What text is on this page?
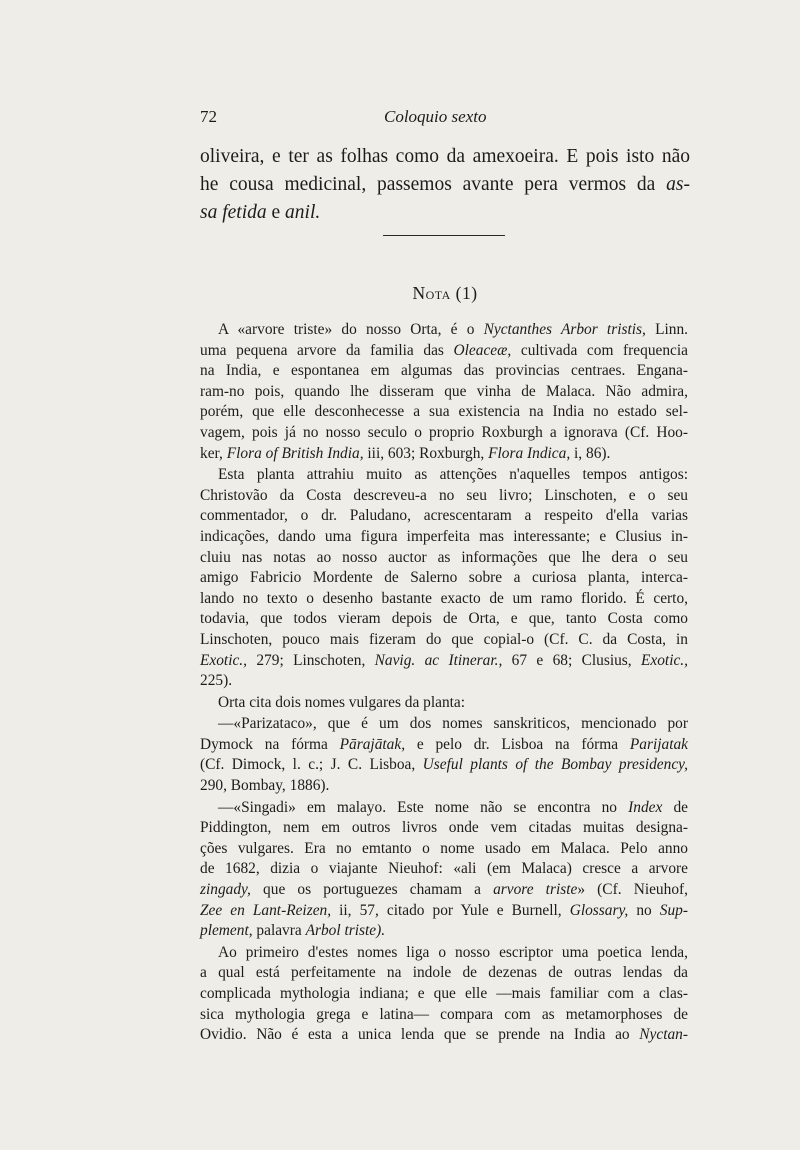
72	Coloquio sexto

oliveira, e ter as folhas como da amexoeira. E pois isto não
he cousa medicinal, passemos avante pera vermos da as-
sa fetida e anil.

Nota (1)

A «arvore triste» do nosso Orta, é o Nyctanthes Arbor tristis, Linn.
uma pequena arvore da familia das Oleaceæ, cultivada com frequencia
na India, e espontanea em algumas das provincias centraes. Engana-
ram-no pois, quando lhe disseram que vinha de Malaca. Não admira,
porém, que elle desconhecesse a sua existencia na India no estado sel-
vagem, pois já no nosso seculo o proprio Roxburgh a ignorava (Cf. Hoo-
ker, Flora of British India, iii, 603; Roxburgh, Flora Indica, i, 86).

Esta planta attrahiu muito as attenções n'aquelles tempos antigos:
Christovão da Costa descreveu-a no seu livro; Linschoten, e o seu
commentador, o dr. Paludano, acrescentaram a respeito d'ella varias
indicações, dando uma figura imperfeita mas interessante; e Clusius in-
cluiu nas notas ao nosso auctor as informações que lhe dera o seu
amigo Fabricio Mordente de Salerno sobre a curiosa planta, interca-
lando no texto o desenho bastante exacto de um ramo florido. É certo,
todavia, que todos vieram depois de Orta, e que, tanto Costa como
Linschoten, pouco mais fizeram do que copial-o (Cf. C. da Costa, in
Exotic., 279; Linschoten, Navig. ac Itinerar., 67 e 68; Clusius, Exotic.,
225).

Orta cita dois nomes vulgares da planta:

—«Parizataco», que é um dos nomes sanskriticos, mencionado por
Dymock na fórma Pārajātak, e pelo dr. Lisboa na fórma Parijatak
(Cf. Dimock, l. c.; J. C. Lisboa, Useful plants of the Bombay presidency,
290, Bombay, 1886).

—«Singadi» em malayo. Este nome não se encontra no Index de
Piddington, nem em outros livros onde vem citadas muitas designa-
ções vulgares. Era no emtanto o nome usado em Malaca. Pelo anno
de 1682, dizia o viajante Nieuhof: «ali (em Malaca) cresce a arvore
zingady, que os portuguezes chamam a arvore triste» (Cf. Nieuhof,
Zee en Lant-Reizen, ii, 57, citado por Yule e Burnell, Glossary, no Sup-
plement, palavra Arbol triste).

Ao primeiro d'estes nomes liga o nosso escriptor uma poetica lenda,
a qual está perfeitamente na indole de dezenas de outras lendas da
complicada mythologia indiana; e que elle —mais familiar com a clas-
sica mythologia grega e latina— compara com as metamorphoses de
Ovidio. Não é esta a unica lenda que se prende na India ao Nyctan-
